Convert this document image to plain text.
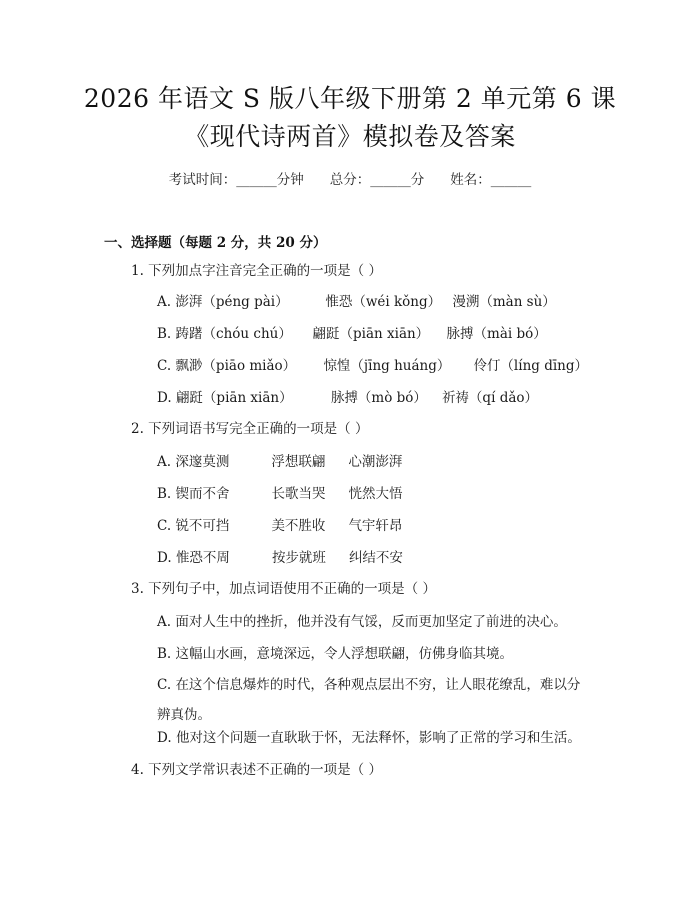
2026 年语文 S 版八年级下册第 2 单元第 6 课
《现代诗两首》模拟卷及答案
考试时间：______分钟 总分：______分 姓名：______
一、选择题（每题 2 分，共 20 分）
1. 下列加点字注音完全正确的一项是（ ）
A. 澎湃（péng pài）	惟恐（wéi kǒng） 漫溯（màn sù）
B. 踌躇（chóu chú） 翩跹（piān xiān） 脉搏（mài bó）
C. 飘渺（piāo miǎo） 惊惶（jīng huáng） 伶仃（líng dīng）
D. 翩跹（piān xiān）	脉搏（mò bó） 祈祷（qí dǎo）
2. 下列词语书写完全正确的一项是（ ）
A. 深邃莫测	浮想联翩 心潮澎湃
B. 锲而不舍	长歌当哭 恍然大悟
C. 锐不可挡	美不胜收 气宇轩昂
D. 惟恐不周	按步就班 纠结不安
3. 下列句子中，加点词语使用不正确的一项是（ ）
A. 面对人生中的挫折，他并没有气馁，反而更加坚定了前进的决心。
B. 这幅山水画，意境深远，令人浮想联翩，仿佛身临其境。
C. 在这个信息爆炸的时代，各种观点层出不穷，让人眼花缭乱，难以分辨真伪。
D. 他对这个问题一直耿耿于怀，无法释怀，影响了正常的学习和生活。
4. 下列文学常识表述不正确的一项是（ ）
